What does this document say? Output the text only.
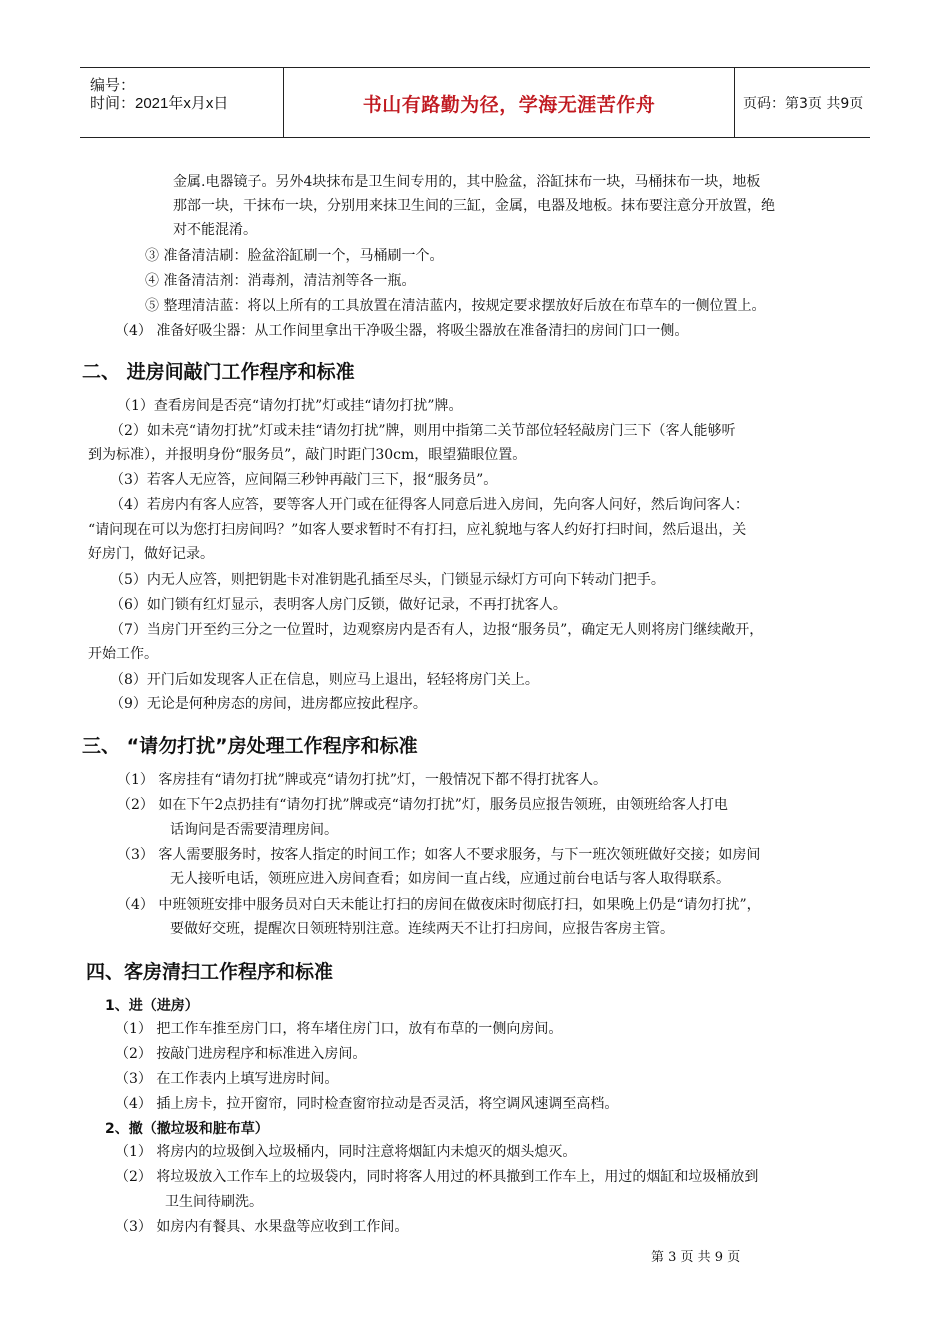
编号：
时间：2021年x月x日	书山有路勤为径，学海无涯苦作舟	页码：第3页 共9页
金属.电器镜子。另外4块抹布是卫生间专用的，其中脸盆，浴缸抹布一块，马桶抹布一块，地板
那部一块，干抹布一块，分别用来抹卫生间的三缸，金属，电器及地板。抹布要注意分开放置，绝
对不能混淆。
③ 准备清洁刷：脸盆浴缸刷一个，马桶刷一个。
④ 准备清洁剂：消毒剂，清洁剂等各一瓶。
⑤ 整理清洁蓝：将以上所有的工具放置在清洁蓝内，按规定要求摆放好后放在布草车的一侧位置上。
（4） 准备好吸尘器：从工作间里拿出干净吸尘器，将吸尘器放在准备清扫的房间门口一侧。
二、 进房间敲门工作程序和标准
（1）查看房间是否亮“请勿打扰”灯或挂“请勿打扰”牌。
（2）如未亮“请勿打扰”灯或未挂“请勿打扰”牌，则用中指第二关节部位轻轻敲房门三下（客人能够听
到为标准），并报明身份“服务员”，敲门时距门30cm，眼望猫眼位置。
（3）若客人无应答，应间隔三秒钟再敲门三下，报“服务员”。
（4）若房内有客人应答，要等客人开门或在征得客人同意后进入房间，先向客人问好，然后询问客人：
“请问现在可以为您打扫房间吗？”如客人要求暂时不有打扫，应礼貌地与客人约好打扫时间，然后退出，关
好房门，做好记录。
（5）内无人应答，则把钥匙卡对准钥匙孔插至尽头，门锁显示绿灯方可向下转动门把手。
（6）如门锁有红灯显示，表明客人房门反锁，做好记录，不再打扰客人。
（7）当房门开至约三分之一位置时，边观察房内是否有人，边报“服务员”，确定无人则将房门继续敞开，
开始工作。
（8）开门后如发现客人正在信息，则应马上退出，轻轻将房门关上。
（9）无论是何种房态的房间，进房都应按此程序。
三、 “请勿打扰”房处理工作程序和标准
（1） 客房挂有“请勿打扰”牌或亮“请勿打扰”灯，一般情况下都不得打扰客人。
（2） 如在下午2点扔挂有“请勿打扰”牌或亮“请勿打扰”灯，服务员应报告领班，由领班给客人打电
话询问是否需要清理房间。
（3） 客人需要服务时，按客人指定的时间工作；如客人不要求服务，与下一班次领班做好交接；如房间
无人接听电话，领班应进入房间查看；如房间一直占线，应通过前台电话与客人取得联系。
（4） 中班领班安排中服务员对白天未能让打扫的房间在做夜床时彻底打扫，如果晚上仍是“请勿打扰”，
要做好交班，提醒次日领班特别注意。连续两天不让打扫房间，应报告客房主管。
四、客房清扫工作程序和标准
1、进（进房）
（1） 把工作车推至房门口，将车堵住房门口，放有布草的一侧向房间。
（2） 按敲门进房程序和标准进入房间。
（3） 在工作表内上填写进房时间。
（4） 插上房卡，拉开窗帘，同时检查窗帘拉动是否灵活，将空调风速调至高档。
2、撤（撤垃圾和脏布草）
（1） 将房内的垃圾倒入垃圾桶内，同时注意将烟缸内未熄灭的烟头熄灭。
（2） 将垃圾放入工作车上的垃圾袋内，同时将客人用过的杯具撤到工作车上，用过的烟缸和垃圾桶放到
卫生间待刷洗。
（3） 如房内有餐具、水果盘等应收到工作间。
第 3 页 共 9 页
